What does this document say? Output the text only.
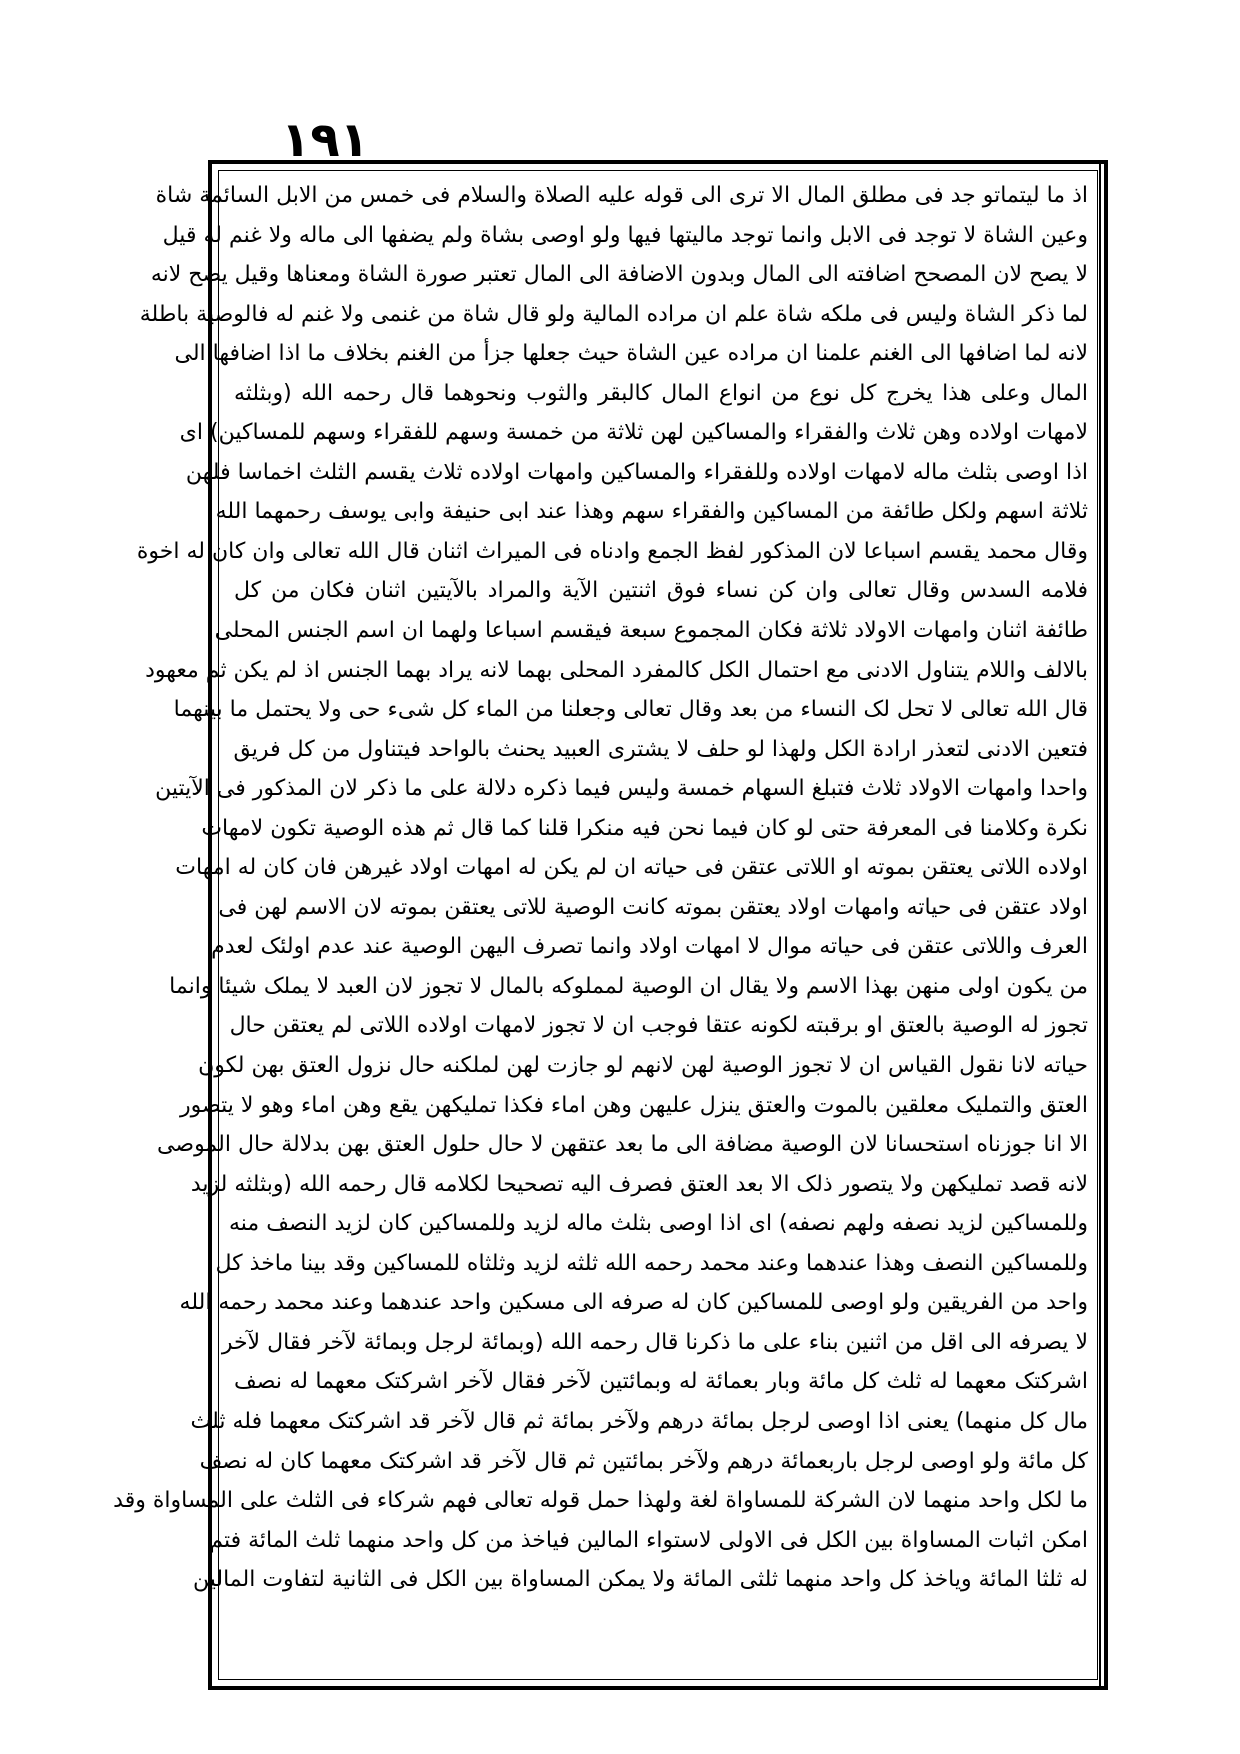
١٩١
اذ ما لیتماتو جد فی مطلق المال الا تری الی قوله علیه الصلاة والسلام فی خمس من الابل السائمة شاة
وعین الشاة لا توجد فی الابل وانما توجد مالیتها فیها ولو اوصی بشاة ولم یضفها الی ماله ولا غنم له قیل
لا یصح لان المصحح اضافته الی المال وبدون الاضافة الی المال تعتبر صورة الشاة ومعناها وقیل یصح لانه
لما ذکر الشاة ولیس فی ملکه شاة علم ان مراده المالیة ولو قال شاة من غنمی ولا غنم له فالوصیة باطلة
لانه لما اضافها الی الغنم علمنا ان مراده عین الشاة حیث جعلها جزأ من الغنم بخلاف ما اذا اضافها الی
المال وعلی هذا یخرج کل نوع من انواع المال کالبقر والثوب ونحوهما قال رحمه الله (وبثلثه
لامهات اولاده وهن ثلاث والفقراء والمساکین لهن ثلاثة من خمسة وسهم للفقراء وسهم للمساکین) ای
اذا اوصی بثلث ماله لامهات اولاده وللفقراء والمساکین وامهات اولاده ثلاث یقسم الثلث اخماسا فلهن
ثلاثة اسهم ولکل طائفة من المساکین والفقراء سهم وهذا عند ابی حنیفة وابی یوسف رحمهما الله
وقال محمد یقسم اسباعا لان المذکور لفظ الجمع وادناه فی المیراث اثنان قال الله تعالی وان کان له اخوة
فلامه السدس وقال تعالی وان کن نساء فوق اثنتین الآیة والمراد بالآیتین اثنان فکان من کل
طائفة اثنان وامهات الاولاد ثلاثة فکان المجموع سبعة فیقسم اسباعا ولهما ان اسم الجنس المحلی
بالالف واللام یتناول الادنی مع احتمال الکل کالمفرد المحلی بهما لانه یراد بهما الجنس اذ لم یکن ثم معهود
قال الله تعالی لا تحل لک النساء من بعد وقال تعالی وجعلنا من الماء کل شیء حی ولا یحتمل ما بینهما
فتعین الادنی لتعذر ارادة الکل ولهذا لو حلف لا یشتری العبید یحنث بالواحد فیتناول من کل فریق
واحدا وامهات الاولاد ثلاث فتبلغ السهام خمسة ولیس فیما ذکره دلالة علی ما ذکر لان المذکور فی الآیتین
نکرة وکلامنا فی المعرفة حتی لو کان فیما نحن فیه منکرا قلنا کما قال ثم هذه الوصیة تکون لامهات
اولاده اللاتی یعتقن بموته او اللاتی عتقن فی حیاته ان لم یکن له امهات اولاد غیرهن فان کان له امهات
اولاد عتقن فی حیاته وامهات اولاد یعتقن بموته کانت الوصیة للاتی یعتقن بموته لان الاسم لهن فی
العرف واللاتی عتقن فی حیاته موال لا امهات اولاد وانما تصرف الیهن الوصیة عند عدم اولئک لعدم
من یکون اولی منهن بهذا الاسم ولا یقال ان الوصیة لمملوکه بالمال لا تجوز لان العبد لا یملک شیئا وانما
تجوز له الوصیة بالعتق او برقبته لکونه عتقا فوجب ان لا تجوز لامهات اولاده اللاتی لم یعتقن حال
حیاته لانا نقول القیاس ان لا تجوز الوصیة لهن لانهم لو جازت لهن لملکنه حال نزول العتق بهن لکون
العتق والتملیک معلقین بالموت والعتق ینزل علیهن وهن اماء فکذا تملیکهن یقع وهن اماء وهو لا یتصور
الا انا جوزناه استحسانا لان الوصیة مضافة الی ما بعد عتقهن لا حال حلول العتق بهن بدلالة حال الموصی
لانه قصد تملیکهن ولا یتصور ذلک الا بعد العتق فصرف الیه تصحیحا لکلامه قال رحمه الله (وبثلثه لزید
وللمساکین لزید نصفه ولهم نصفه) ای اذا اوصی بثلث ماله لزید وللمساکین کان لزید النصف منه
وللمساکین النصف وهذا عندهما وعند محمد رحمه الله ثلثه لزید وثلثاه للمساکین وقد بینا ماخذ کل
واحد من الفریقین ولو اوصی للمساکین کان له صرفه الی مسکین واحد عندهما وعند محمد رحمه الله
لا یصرفه الی اقل من اثنین بناء علی ما ذکرنا قال رحمه الله (وبمائة لرجل وبمائة لآخر فقال لآخر
اشرکتک معهما له ثلث کل مائة وبار بعمائة له وبمائتین لآخر فقال لآخر اشرکتک معهما له نصف
مال کل منهما) یعنی اذا اوصی لرجل بمائة درهم ولآخر بمائة ثم قال لآخر قد اشرکتک معهما فله ثلث
کل مائة ولو اوصی لرجل باربعمائة درهم ولآخر بمائتین ثم قال لآخر قد اشرکتک معهما کان له نصف
ما لکل واحد منهما لان الشرکة للمساواة لغة ولهذا حمل قوله تعالی فهم شرکاء فی الثلث علی المساواة وقد
امکن اثبات المساواة بین الکل فی الاولی لاستواء المالین فیاخذ من کل واحد منهما ثلث المائة فتم
له ثلثا المائة ویاخذ کل واحد منهما ثلثی المائة ولا یمکن المساواة بین الکل فی الثانیة لتفاوت المالین
